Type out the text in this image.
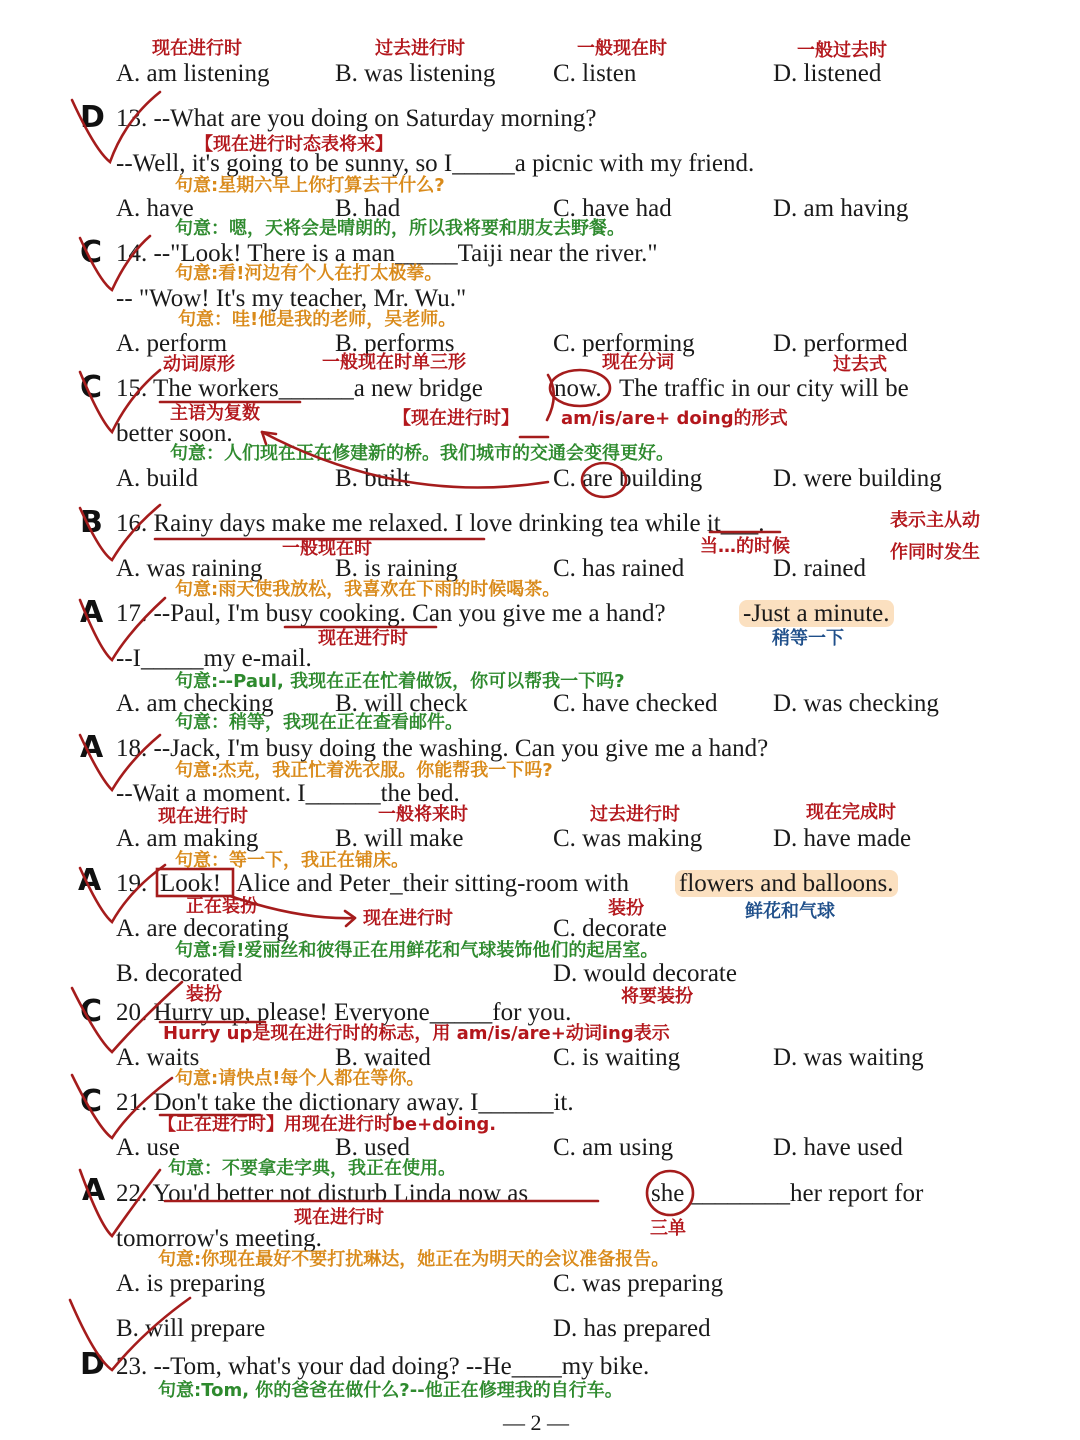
现在进行时	过去进行时	一般现在时	一般过去时
A. am listening	B. was listening C. listen	D. listened
D 13. --What are you doing on Saturday morning?
【现在进行时态表将来】
--Well, it's going to be sunny, so I_____a picnic with my friend.
句意:星期六早上你打算去干什么?
A. have	B. had	C. have had	D. am having
句意：嗯，天将会是晴朗的，所以我将要和朋友去野餐。
C 14. --"Look! There is a man_____Taiji near the river."
句意:看!河边有个人在打太极拳。
-- "Wow! It's my teacher, Mr. Wu."
句意：哇!他是我的老师，吴老师。
A. perform	B. performs	C. performing	D. performed
动词原形	一般现在时单三形	现在分词	过去式
C 15. The workers______a new bridge	now. The traffic in our city will be
主语为复数	【现在进行时】 am/is/are+ doing的形式
better soon.
句意：人们现在正在修建新的桥。我们城市的交通会变得更好。
A. build	B. built	C. are building	D. were building
B 16. Rainy days make me relaxed. I love drinking tea while it___.	表示主从动
一般现在时	当…的时候	作同时发生
A. was raining	B. is raining	C. has rained	D. rained
句意:雨天使我放松，我喜欢在下雨的时候喝茶。
A 17. --Paul, I'm busy cooking. Can you give me a hand?	-Just a minute.
现在进行时	稍等一下
--I_____my e-mail.
句意:--Paul, 我现在正在忙着做饭，你可以帮我一下吗?
A. am checking B. will check	C. have checked D. was checking
句意：稍等，我现在正在查看邮件。
A 18. --Jack, I'm busy doing the washing. Can you give me a hand?
句意:杰克，我正忙着洗衣服。你能帮我一下吗?
--Wait a moment. I______the bed.
现在进行时	一般将来时	过去进行时	现在完成时
A. am making	B. will make	C. was making	D. have made
句意：等一下，我正在铺床。
A 19. Look! Alice and Peter_their sitting-room with flowers and balloons.
正在装扮
现在进行时	装扮	鲜花和气球
A. are decorating	C. decorate
句意:看!爱丽丝和彼得正在用鲜花和气球装饰他们的起居室。
B. decorated	D. would decorate
C	装扮	将要装扮
20. Hurry up, please! Everyone_____for you.
Hurry up是现在进行时的标志，用 am/is/are+动词ing表示
A. waits	B. waited	C. is waiting	D. was waiting
句意:请快点!每个人都在等你。
C 21. Don't take the dictionary away. I______it.
【正在进行时】用现在进行时be+doing.
A. use	B. used	C. am using	D. have used
句意：不要拿走字典，我正在使用。
A 22. You'd better not disturb Linda now as	she ________her report for
现在进行时
三单
tomorrow's meeting.
句意:你现在最好不要打扰琳达，她正在为明天的会议准备报告。
A. is preparing	C. was preparing
B. will prepare	D. has prepared
D 23. --Tom, what's your dad doing? --He____my bike.
句意:Tom, 你的爸爸在做什么?--他正在修理我的自行车。
— 2 —
